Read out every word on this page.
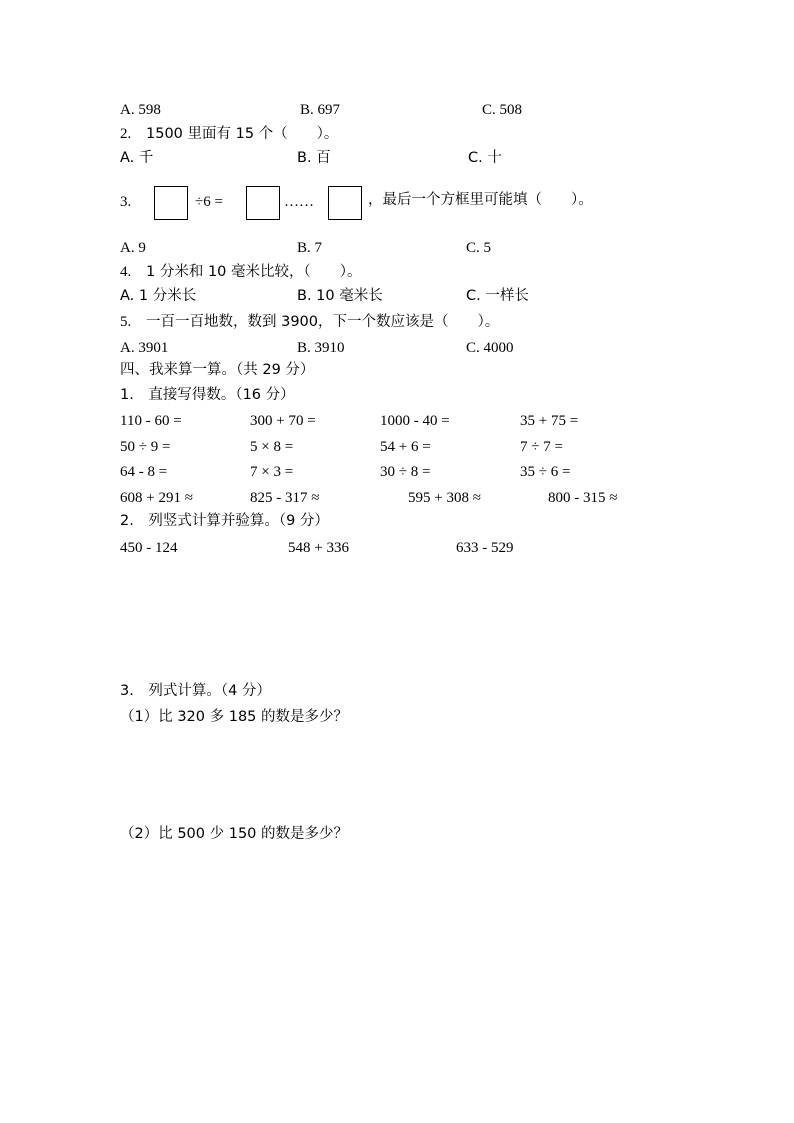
A. 598	B. 697	C. 508
2. 1500 里面有 15 个（　　）。
A. 千	B. 百	C. 十
3.	÷6 =	……	，最后一个方框里可能填（　　）。
A. 9	B. 7	C. 5
4. 1 分米和 10 毫米比较，（　　）。
A. 1 分米长	B. 10 毫米长	C. 一样长
5. 一百一百地数，数到 3900，下一个数应该是（　　）。
A. 3901	B. 3910	C. 4000
四、我来算一算。（共 29 分）
1.　直接写得数。（16 分）
110 - 60 =	300 + 70 =	1000 - 40 =	35 + 75 =
50 ÷ 9 =	5 × 8 =	54 + 6 =	7 ÷ 7 =
64 - 8 =	7 × 3 =	30 ÷ 8 =	35 ÷ 6 =
608 + 291 ≈	825 - 317 ≈	595 + 308 ≈	800 - 315 ≈
2.　列竖式计算并验算。（9 分）
450 - 124	548 + 336	633 - 529
3.　列式计算。（4 分）
（1）比 320 多 185 的数是多少？
（2）比 500 少 150 的数是多少？
